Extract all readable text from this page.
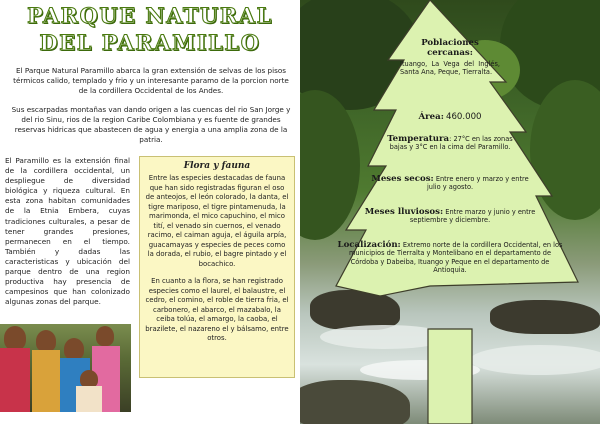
PARQUE NATURAL
DEL PARAMILLO

El Parque Natural Paramillo abarca la gran extensión de selvas de los pisos térmicos calido, templado y frio y un interesante paramo de la porcion norte de la cordillera Occidental de los Andes.

Sus escarpadas montañas van dando origen a las cuencas del rio San Jorge y del rio Sinu, rios de la region Caribe Colombiana y es fuente de grandes reservas hidricas que abastecen de agua y energia a una amplia zona de la patria.

El Paramillo es la extensión final de la cordillera occidental, un despliegue de diversidad biológica y riqueza cultural. En esta zona habitan comunidades de la Etnia Embera, cuyas tradiciones culturales, a pesar de tener grandes presiones, permanecen en el tiempo. También y dadas las caracteristicas y ubicación del parque dentro de una region productiva hay presencia de campesinos que han colonizado algunas zonas del parque.

Flora y fauna

Entre las especies destacadas de fauna que han sido registradas figuran el oso de anteojos, el león colorado, la danta, el tigre mariposo, el tigre pintamenuda, la marimonda, el mico capuchino, el mico tití, el venado sin cuernos, el venado racimo, el caiman aguja, el águila arpía, guacamayas y especies de peces como la dorada, el rubio, el bagre pintado y el bocachico.

En cuanto a la flora, se han registrado especies como el laurel, el balaustre, el cedro, el comino, el roble de tierra fria, el carbonero, el abarco, el mazabalo, la ceiba tolúa, el amargo, la caoba, el brazilete, el nazareno el y bálsamo, entre otros.

Poblaciones cercanas:
Ituango, La Vega del Inglés, Santa Ana, Peque, Tierralta.
Área: 460.000
Temperatura: 27°C en las zonas bajas y 3°C en la cima del Paramillo.
Meses secos: Entre enero y marzo y entre julio y agosto.
Meses lluviosos: Entre marzo y junio y entre septiembre y diciembre.
Localización: Extremo norte de la cordillera Occidental, en los municipios de Tierralta y Montelibano en el departamento de Córdoba y Dabeiba, Ituango y Peque en el departamento de Antioquia.
